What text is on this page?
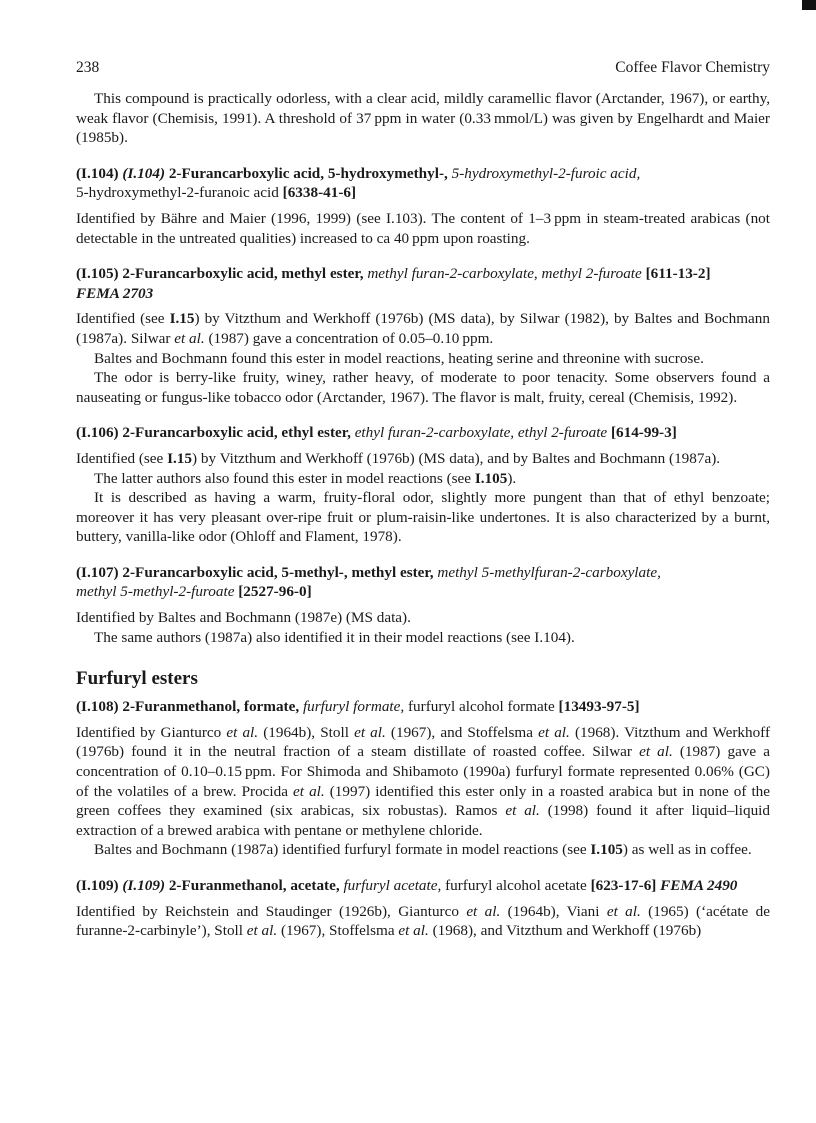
238	Coffee Flavor Chemistry

This compound is practically odorless, with a clear acid, mildly caramellic flavor (Arctander, 1967), or earthy, weak flavor (Chemisis, 1991). A threshold of 37 ppm in water (0.33 mmol/L) was given by Engelhardt and Maier (1985b).

(I.104) (I.104) 2-Furancarboxylic acid, 5-hydroxymethyl-, 5-hydroxymethyl-2-furoic acid,
5-hydroxymethyl-2-furanoic acid [6338-41-6]

Identified by Bähre and Maier (1996, 1999) (see I.103). The content of 1–3 ppm in steam-treated arabicas (not detectable in the untreated qualities) increased to ca 40 ppm upon roasting.

(I.105) 2-Furancarboxylic acid, methyl ester, methyl furan-2-carboxylate, methyl 2-furoate [611-13-2]
FEMA 2703

Identified (see I.15) by Vitzthum and Werkhoff (1976b) (MS data), by Silwar (1982), by Baltes and Bochmann (1987a). Silwar et al. (1987) gave a concentration of 0.05–0.10 ppm.

Baltes and Bochmann found this ester in model reactions, heating serine and threonine with sucrose.

The odor is berry-like fruity, winey, rather heavy, of moderate to poor tenacity. Some observers found a nauseating or fungus-like tobacco odor (Arctander, 1967). The flavor is malt, fruity, cereal (Chemisis, 1992).

(I.106) 2-Furancarboxylic acid, ethyl ester, ethyl furan-2-carboxylate, ethyl 2-furoate [614-99-3]

Identified (see I.15) by Vitzthum and Werkhoff (1976b) (MS data), and by Baltes and Bochmann (1987a).

The latter authors also found this ester in model reactions (see I.105).

It is described as having a warm, fruity-floral odor, slightly more pungent than that of ethyl benzoate; moreover it has very pleasant over-ripe fruit or plum-raisin-like undertones. It is also characterized by a burnt, buttery, vanilla-like odor (Ohloff and Flament, 1978).

(I.107) 2-Furancarboxylic acid, 5-methyl-, methyl ester, methyl 5-methylfuran-2-carboxylate,
methyl 5-methyl-2-furoate [2527-96-0]

Identified by Baltes and Bochmann (1987e) (MS data).

The same authors (1987a) also identified it in their model reactions (see I.104).

Furfuryl esters
(I.108) 2-Furanmethanol, formate, furfuryl formate, furfuryl alcohol formate [13493-97-5]

Identified by Gianturco et al. (1964b), Stoll et al. (1967), and Stoffelsma et al. (1968). Vitzthum and Werkhoff (1976b) found it in the neutral fraction of a steam distillate of roasted coffee. Silwar et al. (1987) gave a concentration of 0.10–0.15 ppm. For Shimoda and Shibamoto (1990a) furfuryl formate represented 0.06% (GC) of the volatiles of a brew. Procida et al. (1997) identified this ester only in a roasted arabica but in none of the green coffees they examined (six arabicas, six robustas). Ramos et al. (1998) found it after liquid–liquid extraction of a brewed arabica with pentane or methylene chloride.

Baltes and Bochmann (1987a) identified furfuryl formate in model reactions (see I.105) as well as in coffee.

(I.109) (I.109) 2-Furanmethanol, acetate, furfuryl acetate, furfuryl alcohol acetate [623-17-6] FEMA 2490

Identified by Reichstein and Staudinger (1926b), Gianturco et al. (1964b), Viani et al. (1965) (‘acétate de furanne-2-carbinyle’), Stoll et al. (1967), Stoffelsma et al. (1968), and Vitzthum and Werkhoff (1976b)
